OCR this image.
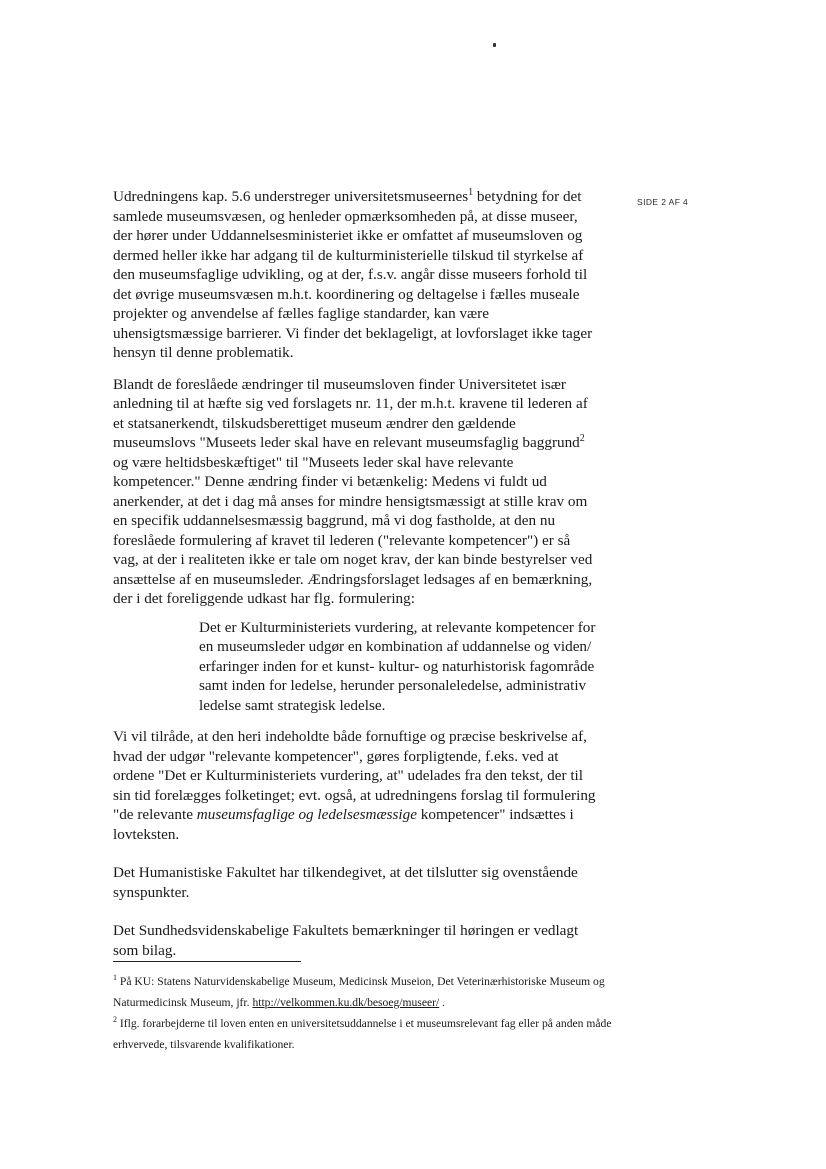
SIDE 2 AF 4

Udredningens kap. 5.6 understreger universitetsmuseernes$^1$ betydning for det samlede museumsvæsen, og henleder opmærksomheden på, at disse museer, der hører under Uddannelsesministeriet ikke er omfattet af museumsloven og dermed heller ikke har adgang til de kulturministerielle tilskud til styrkelse af den museumsfaglige udvikling, og at der, f.s.v. angår disse museers forhold til det øvrige museumsvæsen m.h.t. koordinering og deltagelse i fælles museale projekter og anvendelse af fælles faglige standarder, kan være uhensigtsmæssige barrierer. Vi finder det beklageligt, at lovforslaget ikke tager hensyn til denne problematik.

Blandt de foreslåede ændringer til museumsloven finder Universitetet især anledning til at hæfte sig ved forslagets nr. 11, der m.h.t. kravene til lederen af et statsanerkendt, tilskudsberettiget museum ændrer den gældende museumslovs "Museets leder skal have en relevant museumsfaglig baggrund$^2$ og være heltidsbeskæftiget" til "Museets leder skal have relevante kompetencer." Denne ændring finder vi betænkelig: Medens vi fuldt ud anerkender, at det i dag må anses for mindre hensigtsmæssigt at stille krav om en specifik uddannelsesmæssig baggrund, må vi dog fastholde, at den nu foreslåede formulering af kravet til lederen ("relevante kompetencer") er så vag, at der i realiteten ikke er tale om noget krav, der kan binde bestyrelser ved ansættelse af en museumsleder. Ændringsforslaget ledsages af en bemærkning, der i det foreliggende udkast har flg. formulering:

Det er Kulturministeriets vurdering, at relevante kompetencer for en museumsleder udgør en kombination af uddannelse og viden/ erfaringer inden for et kunst- kultur- og naturhistorisk fagområde samt inden for ledelse, herunder personaleledelse, administrativ ledelse samt strategisk ledelse.

Vi vil tilråde, at den heri indeholdte både fornuftige og præcise beskrivelse af, hvad der udgør "relevante kompetencer", gøres forpligtende, f.eks. ved at ordene "Det er Kulturministeriets vurdering, at" udelades fra den tekst, der til sin tid forelægges folketinget; evt. også, at udredningens forslag til formulering "de relevante museumsfaglige og ledelsesmæssige kompetencer" indsættes i lovteksten.

Det Humanistiske Fakultet har tilkendegivet, at det tilslutter sig ovenstående synspunkter.

Det Sundhedsvidenskabelige Fakultets bemærkninger til høringen er vedlagt som bilag.

$^1$ På KU: Statens Naturvidenskabelige Museum, Medicinsk Museion, Det Veterinærhistoriske Museum og Naturmedicinsk Museum, jfr. http://velkommen.ku.dk/besoeg/museer/ .

$^2$ Iflg. forarbejderne til loven enten en universitetsuddannelse i et museumsrelevant fag eller på anden måde erhvervede, tilsvarende kvalifikationer.
